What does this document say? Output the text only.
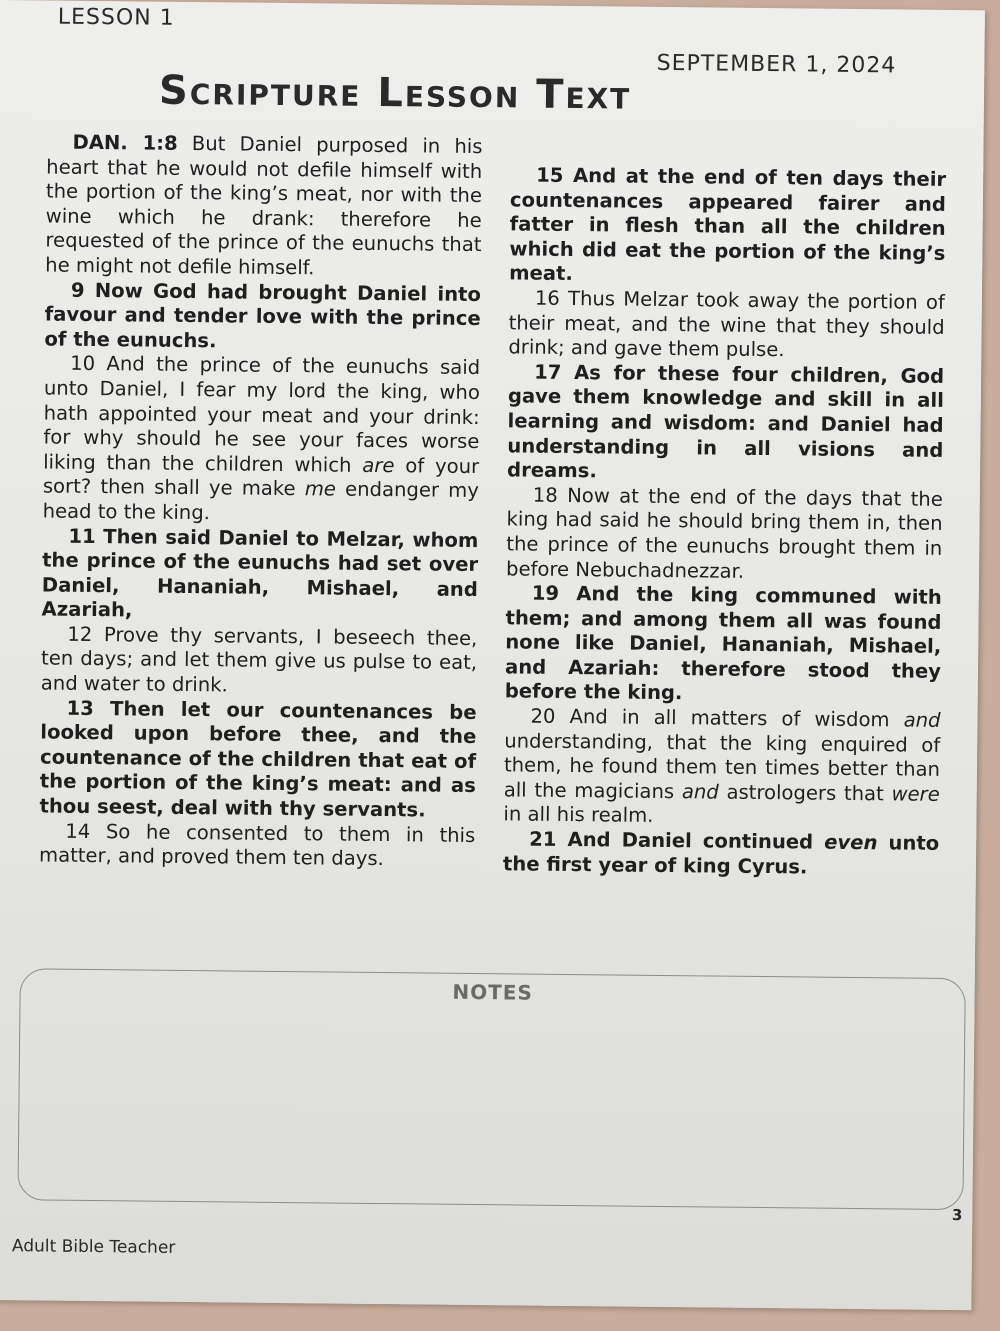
LESSON 1
SEPTEMBER 1, 2024
Scripture Lesson Text

DAN. 1:8 But Daniel purposed in his heart that he would not defile himself with the portion of the king’s meat, nor with the wine which he drank: therefore he requested of the prince of the eunuchs that he might not defile himself.

9 Now God had brought Daniel into favour and tender love with the prince of the eunuchs.

10 And the prince of the eunuchs said unto Daniel, I fear my lord the king, who hath appointed your meat and your drink: for why should he see your faces worse liking than the children which are of your sort? then shall ye make me endanger my head to the king.

11 Then said Daniel to Melzar, whom the prince of the eunuchs had set over Daniel, Hananiah, Mishael, and Azariah,

12 Prove thy servants, I beseech thee, ten days; and let them give us pulse to eat, and water to drink.

13 Then let our countenances be looked upon before thee, and the countenance of the children that eat of the portion of the king’s meat: and as thou seest, deal with thy servants.

14 So he consented to them in this matter, and proved them ten days.

15 And at the end of ten days their countenances appeared fairer and fatter in flesh than all the children which did eat the portion of the king’s meat.

16 Thus Melzar took away the portion of their meat, and the wine that they should drink; and gave them pulse.

17 As for these four children, God gave them knowledge and skill in all learning and wisdom: and Daniel had understanding in all visions and dreams.

18 Now at the end of the days that the king had said he should bring them in, then the prince of the eunuchs brought them in before Nebuchadnezzar.

19 And the king communed with them; and among them all was found none like Daniel, Hananiah, Mishael, and Azariah: therefore stood they before the king.

20 And in all matters of wisdom and understanding, that the king enquired of them, he found them ten times better than all the magicians and astrologers that were in all his realm.

21 And Daniel continued even unto the first year of king Cyrus.

NOTES
3
Adult Bible Teacher
